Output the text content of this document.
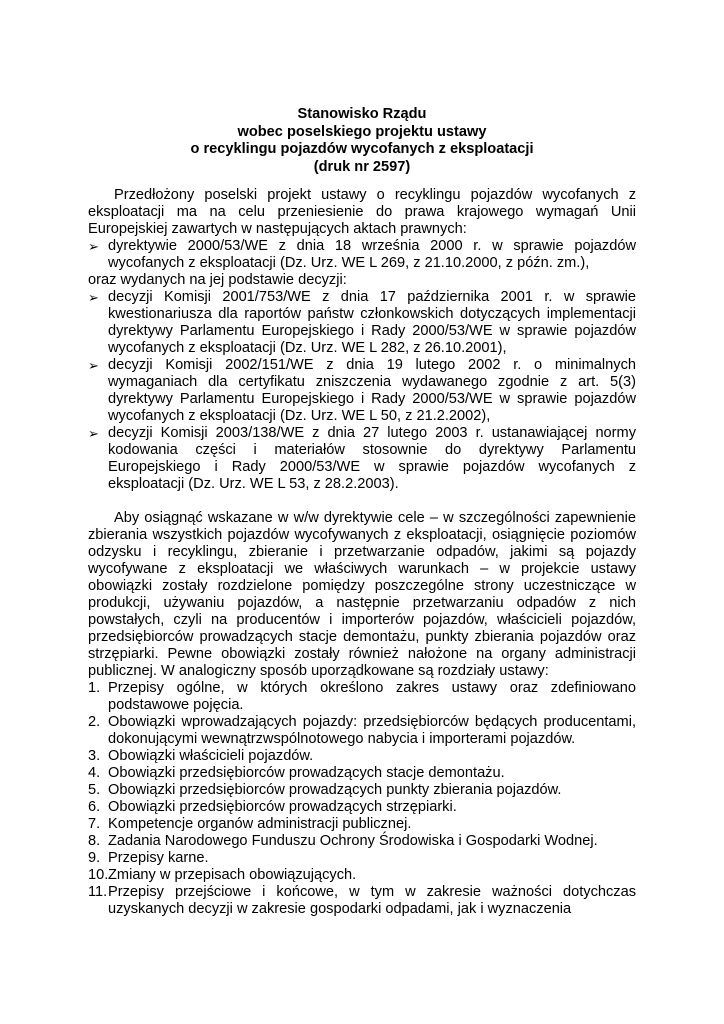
Stanowisko Rządu
wobec poselskiego projektu ustawy
o recyklingu pojazdów wycofanych z eksploatacji
(druk nr 2597)

Przedłożony poselski projekt ustawy o recyklingu pojazdów wycofanych z eksploatacji ma na celu przeniesienie do prawa krajowego wymagań Unii Europejskiej zawartych w następujących aktach prawnych:

➢ dyrektywie 2000/53/WE z dnia 18 września 2000 r. w sprawie pojazdów wycofanych z eksploatacji (Dz. Urz. WE L 269, z 21.10.2000, z późn. zm.),

oraz wydanych na jej podstawie decyzji:

➢ decyzji Komisji 2001/753/WE z dnia 17 października 2001 r. w sprawie kwestionariusza dla raportów państw członkowskich dotyczących implementacji dyrektywy Parlamentu Europejskiego i Rady 2000/53/WE w sprawie pojazdów wycofanych z eksploatacji (Dz. Urz. WE L 282, z 26.10.2001),
➢ decyzji Komisji 2002/151/WE z dnia 19 lutego 2002 r. o minimalnych wymaganiach dla certyfikatu zniszczenia wydawanego zgodnie z art. 5(3) dyrektywy Parlamentu Europejskiego i Rady 2000/53/WE w sprawie pojazdów wycofanych z eksploatacji (Dz. Urz. WE L 50, z 21.2.2002),
➢ decyzji Komisji 2003/138/WE z dnia 27 lutego 2003 r. ustanawiającej normy kodowania części i materiałów stosownie do dyrektywy Parlamentu Europejskiego i Rady 2000/53/WE w sprawie pojazdów wycofanych z eksploatacji (Dz. Urz. WE L 53, z 28.2.2003).

Aby osiągnąć wskazane w w/w dyrektywie cele – w szczególności zapewnienie zbierania wszystkich pojazdów wycofywanych z eksploatacji, osiągnięcie poziomów odzysku i recyklingu, zbieranie i przetwarzanie odpadów, jakimi są pojazdy wycofywane z eksploatacji we właściwych warunkach – w projekcie ustawy obowiązki zostały rozdzielone pomiędzy poszczególne strony uczestniczące w produkcji, używaniu pojazdów, a następnie przetwarzaniu odpadów z nich powstałych, czyli na producentów i importerów pojazdów, właścicieli pojazdów, przedsiębiorców prowadzących stacje demontażu, punkty zbierania pojazdów oraz strzępiarki. Pewne obowiązki zostały również nałożone na organy administracji publicznej. W analogiczny sposób uporządkowane są rozdziały ustawy:

1. Przepisy ogólne, w których określono zakres ustawy oraz zdefiniowano podstawowe pojęcia.
2. Obowiązki wprowadzających pojazdy: przedsiębiorców będących producentami, dokonującymi wewnątrzwspólnotowego nabycia i importerami pojazdów.
3. Obowiązki właścicieli pojazdów.
4. Obowiązki przedsiębiorców prowadzących stacje demontażu.
5. Obowiązki przedsiębiorców prowadzących punkty zbierania pojazdów.
6. Obowiązki przedsiębiorców prowadzących strzępiarki.
7. Kompetencje organów administracji publicznej.
8. Zadania Narodowego Funduszu Ochrony Środowiska i Gospodarki Wodnej.
9. Przepisy karne.
10. Zmiany w przepisach obowiązujących.
11. Przepisy przejściowe i końcowe, w tym w zakresie ważności dotychczas uzyskanych decyzji w zakresie gospodarki odpadami, jak i wyznaczenia
